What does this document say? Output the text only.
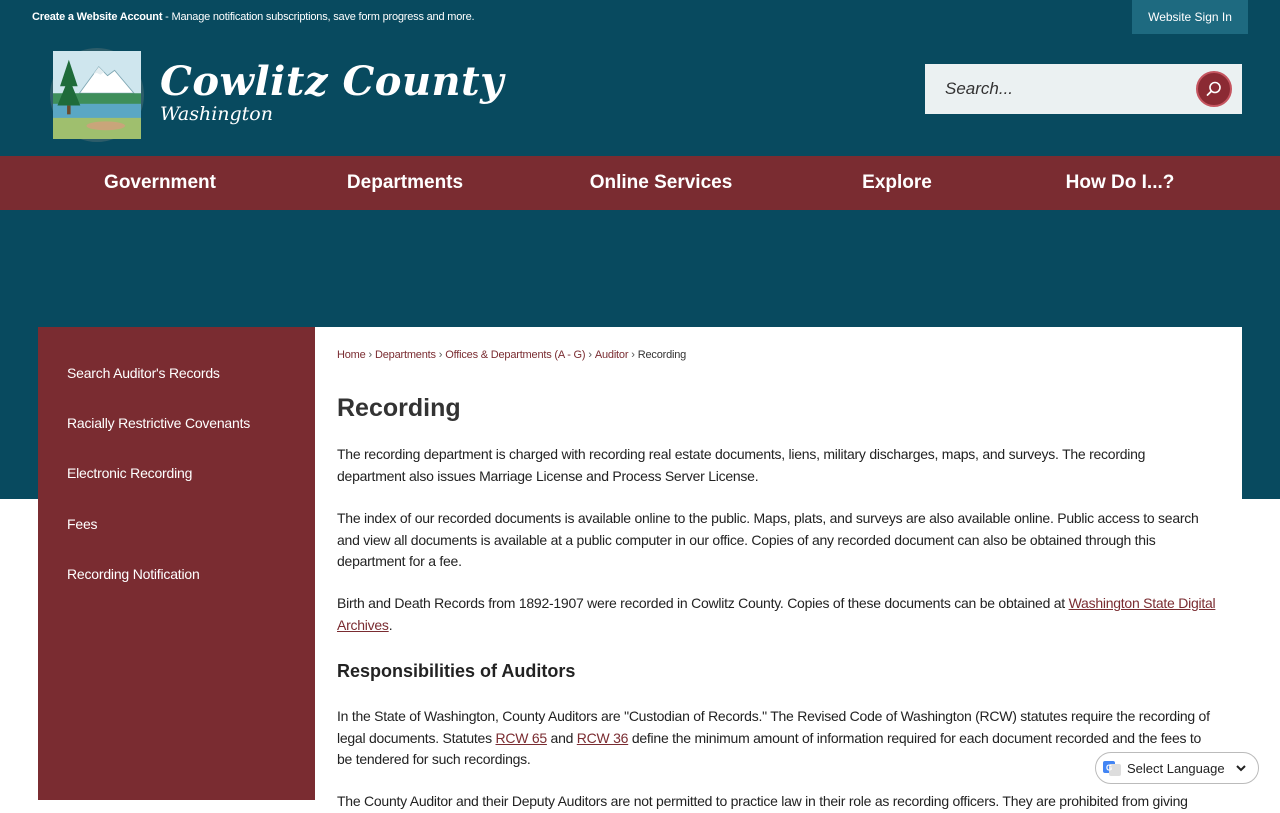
Create a Website Account - Manage notification subscriptions, save form progress and more.	Website Sign In
Cowlitz County
Washington
Search...
Government	Departments	Online Services	Explore	How Do I...?
Search Auditor's Records
Racially Restrictive Covenants
Electronic Recording
Fees
Recording Notification
Home › Departments › Offices & Departments (A - G) › Auditor › Recording
Recording

The recording department is charged with recording real estate documents, liens, military discharges, maps, and surveys. The recording department also issues Marriage License and Process Server License.

The index of our recorded documents is available online to the public. Maps, plats, and surveys are also available online. Public access to search and view all documents is available at a public computer in our office. Copies of any recorded document can also be obtained through this department for a fee.

Birth and Death Records from 1892-1907 were recorded in Cowlitz County. Copies of these documents can be obtained at Washington State Digital Archives.

Responsibilities of Auditors

In the State of Washington, County Auditors are "Custodian of Records." The Revised Code of Washington (RCW) statutes require the recording of legal documents. Statutes RCW 65 and RCW 36 define the minimum amount of information required for each document recorded and the fees to be tendered for such recordings.

The County Auditor and their Deputy Auditors are not permitted to practice law in their role as recording officers. They are prohibited from giving

G Select Language
